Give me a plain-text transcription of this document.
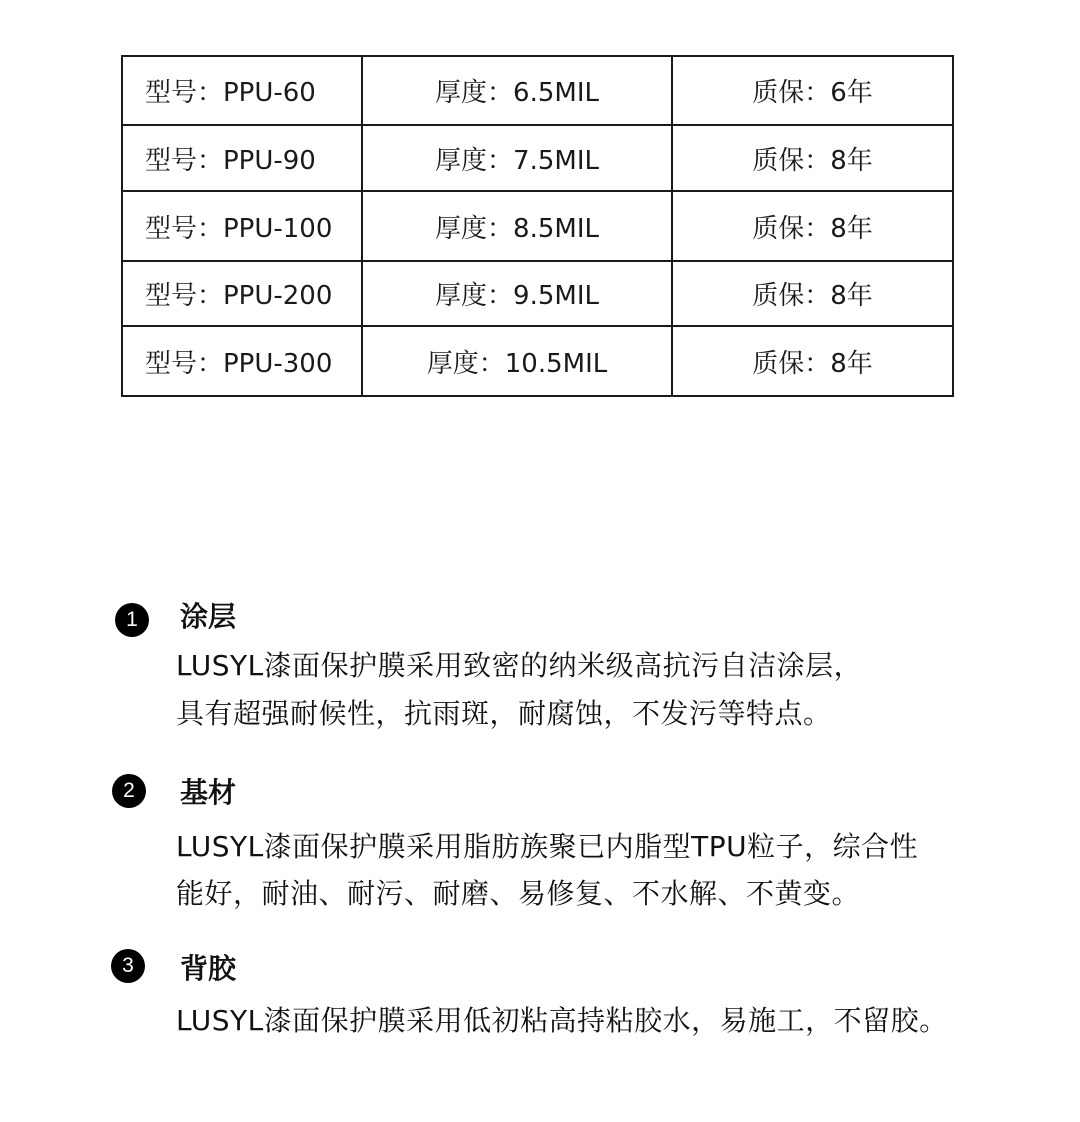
型号：PPU-60	厚度：6.5MIL	质保：6年
型号：PPU-90	厚度：7.5MIL	质保：8年
型号：PPU-100	厚度：8.5MIL	质保：8年
型号：PPU-200	厚度：9.5MIL	质保：8年
型号：PPU-300	厚度：10.5MIL	质保：8年
1	涂层
LUSYL漆面保护膜采用致密的纳米级高抗污自洁涂层，
具有超强耐候性，抗雨斑，耐腐蚀，不发污等特点。
2	基材
LUSYL漆面保护膜采用脂肪族聚已内脂型TPU粒子，综合性
能好，耐油、耐污、耐磨、易修复、不水解、不黄变。
3	背胶
LUSYL漆面保护膜采用低初粘高持粘胶水，易施工，不留胶。
